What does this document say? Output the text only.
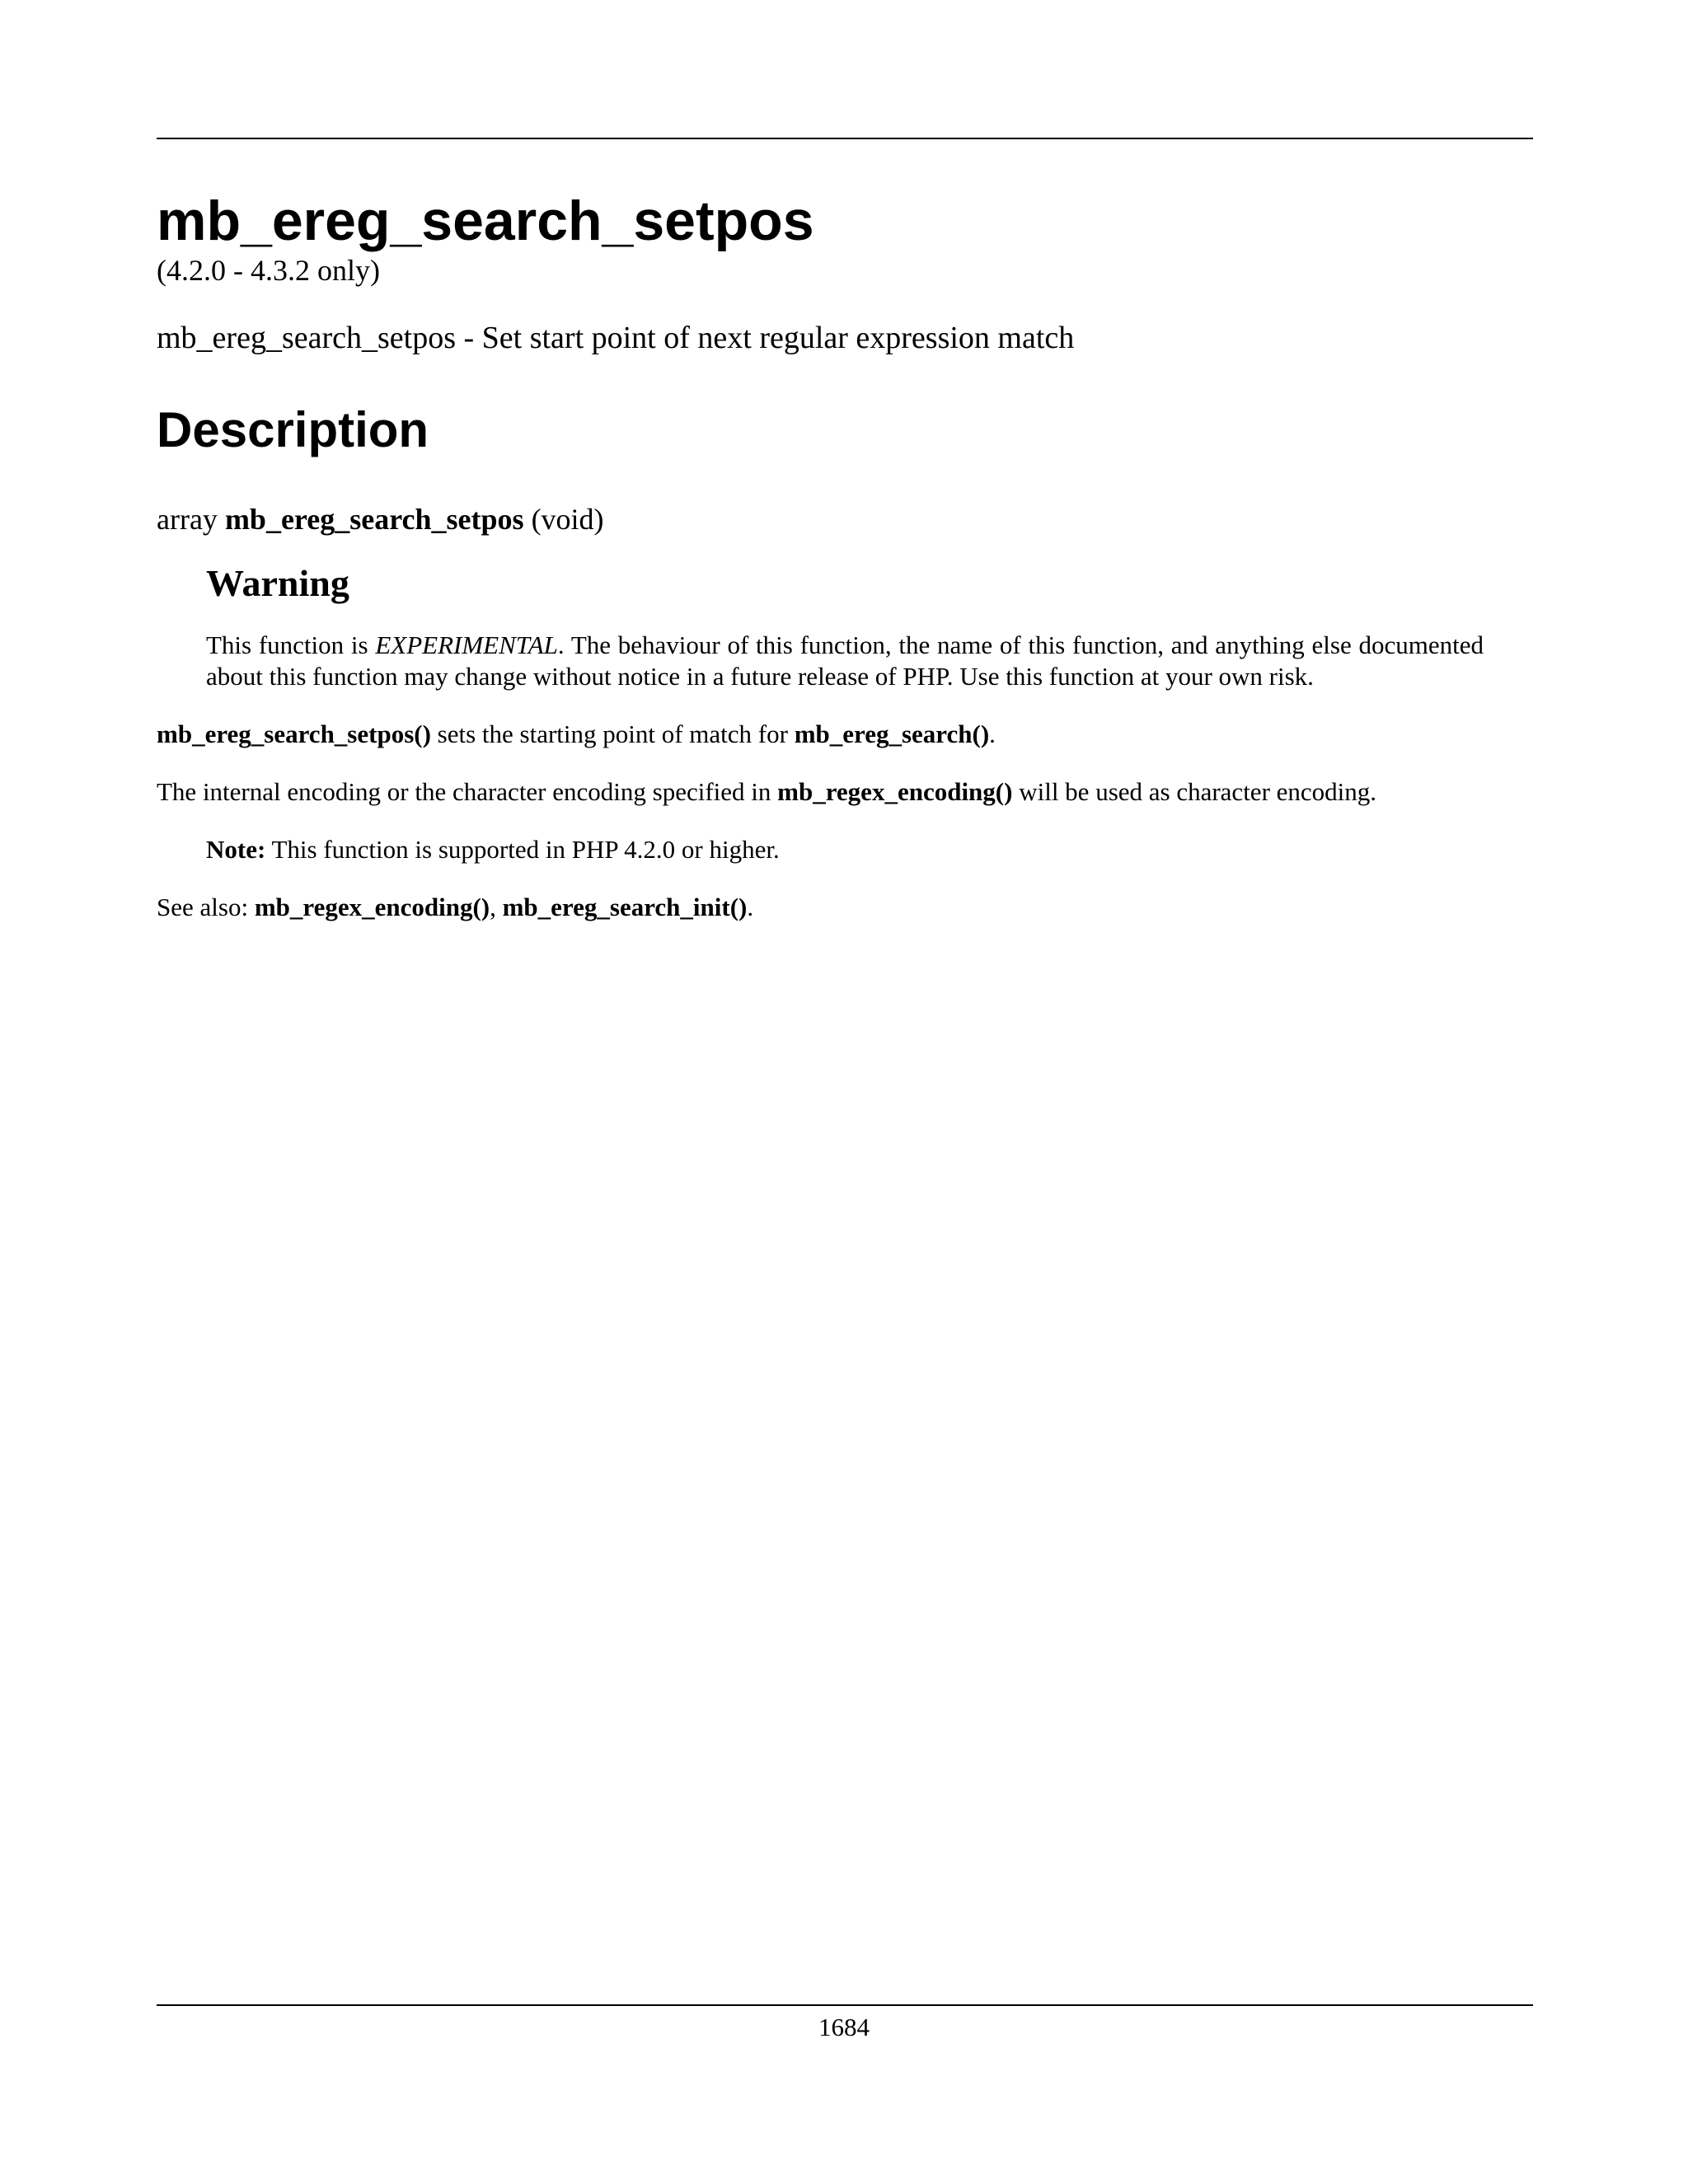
mb_ereg_search_setpos

(4.2.0 - 4.3.2 only)

mb_ereg_search_setpos - Set start point of next regular expression match

Description

array mb_ereg_search_setpos (void)

Warning

This function is EXPERIMENTAL. The behaviour of this function, the name of this function, and anything else documented about this function may change without notice in a future release of PHP. Use this function at your own risk.

mb_ereg_search_setpos() sets the starting point of match for mb_ereg_search().

The internal encoding or the character encoding specified in mb_regex_encoding() will be used as character encoding.

Note: This function is supported in PHP 4.2.0 or higher.

See also: mb_regex_encoding(), mb_ereg_search_init().

1684
